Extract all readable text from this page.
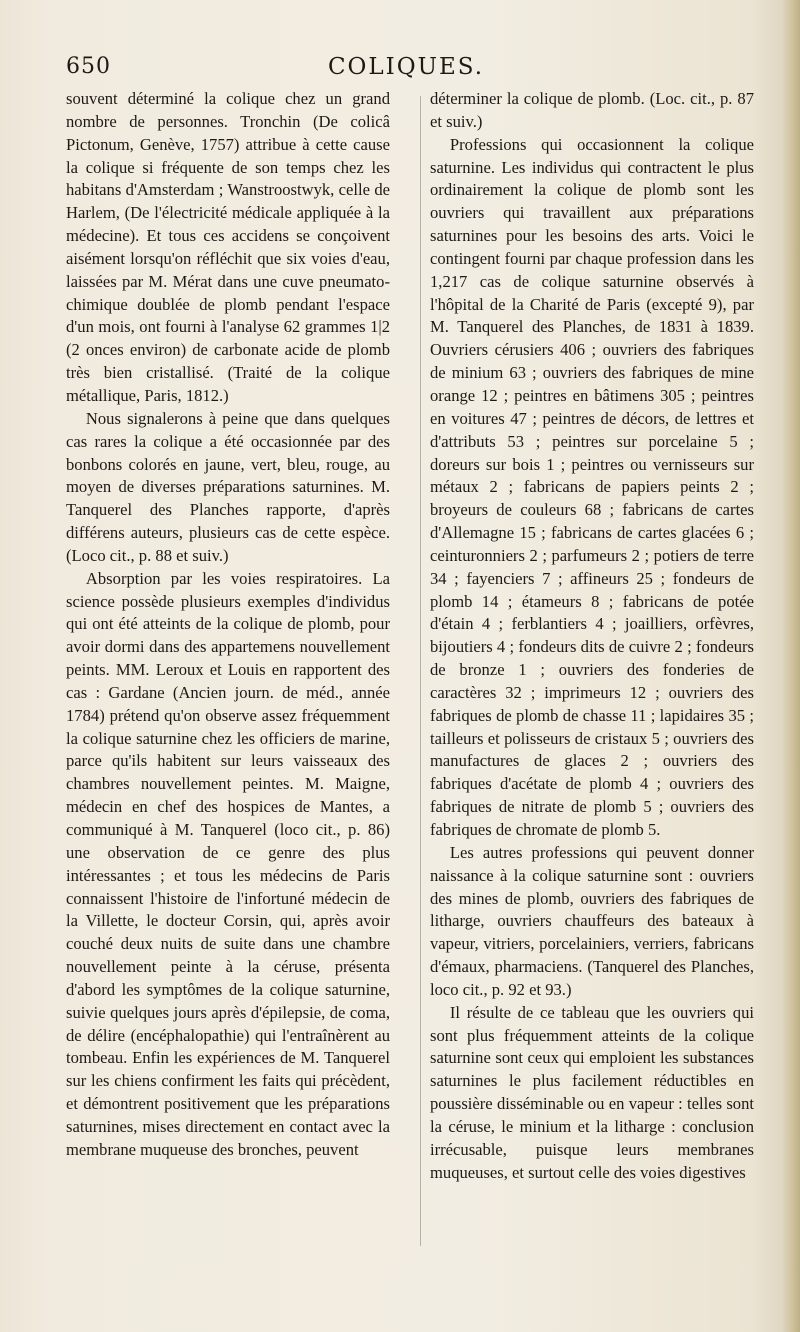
650	COLIQUES.

souvent déterminé la colique chez un grand nombre de personnes. Tronchin (De colicâ Pictonum, Genève, 1757) attribue à cette cause la colique si fréquente de son temps chez les habitans d'Amsterdam ; Wanstroostwyk, celle de Harlem, (De l'électricité médicale appliquée à la médecine). Et tous ces accidens se conçoivent aisément lorsqu'on réfléchit que six voies d'eau, laissées par M. Mérat dans une cuve pneumato-chimique doublée de plomb pendant l'espace d'un mois, ont fourni à l'analyse 62 grammes 1|2 (2 onces environ) de carbonate acide de plomb très bien cristallisé. (Traité de la colique métallique, Paris, 1812.)

Nous signalerons à peine que dans quelques cas rares la colique a été occasionnée par des bonbons colorés en jaune, vert, bleu, rouge, au moyen de diverses préparations saturnines. M. Tanquerel des Planches rapporte, d'après différens auteurs, plusieurs cas de cette espèce. (Loco cit., p. 88 et suiv.)

Absorption par les voies respiratoires. La science possède plusieurs exemples d'individus qui ont été atteints de la colique de plomb, pour avoir dormi dans des appartemens nouvellement peints. MM. Leroux et Louis en rapportent des cas : Gardane (Ancien journ. de méd., année 1784) prétend qu'on observe assez fréquemment la colique saturnine chez les officiers de marine, parce qu'ils habitent sur leurs vaisseaux des chambres nouvellement peintes. M. Maigne, médecin en chef des hospices de Mantes, a communiqué à M. Tanquerel (loco cit., p. 86) une observation de ce genre des plus intéressantes ; et tous les médecins de Paris connaissent l'histoire de l'infortuné médecin de la Villette, le docteur Corsin, qui, après avoir couché deux nuits de suite dans une chambre nouvellement peinte à la céruse, présenta d'abord les symptômes de la colique saturnine, suivie quelques jours après d'épilepsie, de coma, de délire (encéphalopathie) qui l'entraînèrent au tombeau. Enfin les expériences de M. Tanquerel sur les chiens confirment les faits qui précèdent, et démontrent positivement que les préparations saturnines, mises directement en contact avec la membrane muqueuse des bronches, peuvent

déterminer la colique de plomb. (Loc. cit., p. 87 et suiv.)

Professions qui occasionnent la colique saturnine. Les individus qui contractent le plus ordinairement la colique de plomb sont les ouvriers qui travaillent aux préparations saturnines pour les besoins des arts. Voici le contingent fourni par chaque profession dans les 1,217 cas de colique saturnine observés à l'hôpital de la Charité de Paris (excepté 9), par M. Tanquerel des Planches, de 1831 à 1839. Ouvriers cérusiers 406 ; ouvriers des fabriques de minium 63 ; ouvriers des fabriques de mine orange 12 ; peintres en bâtimens 305 ; peintres en voitures 47 ; peintres de décors, de lettres et d'attributs 53 ; peintres sur porcelaine 5 ; doreurs sur bois 1 ; peintres ou vernisseurs sur métaux 2 ; fabricans de papiers peints 2 ; broyeurs de couleurs 68 ; fabricans de cartes d'Allemagne 15 ; fabricans de cartes glacées 6 ; ceinturonniers 2 ; parfumeurs 2 ; potiers de terre 34 ; fayenciers 7 ; affineurs 25 ; fondeurs de plomb 14 ; étameurs 8 ; fabricans de potée d'étain 4 ; ferblantiers 4 ; joailliers, orfèvres, bijoutiers 4 ; fondeurs dits de cuivre 2 ; fondeurs de bronze 1 ; ouvriers des fonderies de caractères 32 ; imprimeurs 12 ; ouvriers des fabriques de plomb de chasse 11 ; lapidaires 35 ; tailleurs et polisseurs de cristaux 5 ; ouvriers des manufactures de glaces 2 ; ouvriers des fabriques d'acétate de plomb 4 ; ouvriers des fabriques de nitrate de plomb 5 ; ouvriers des fabriques de chromate de plomb 5.

Les autres professions qui peuvent donner naissance à la colique saturnine sont : ouvriers des mines de plomb, ouvriers des fabriques de litharge, ouvriers chauffeurs des bateaux à vapeur, vitriers, porcelainiers, verriers, fabricans d'émaux, pharmaciens. (Tanquerel des Planches, loco cit., p. 92 et 93.)

Il résulte de ce tableau que les ouvriers qui sont plus fréquemment atteints de la colique saturnine sont ceux qui emploient les substances saturnines le plus facilement réductibles en poussière disséminable ou en vapeur : telles sont la céruse, le minium et la litharge : conclusion irrécusable, puisque leurs membranes muqueuses, et surtout celle des voies digestives
